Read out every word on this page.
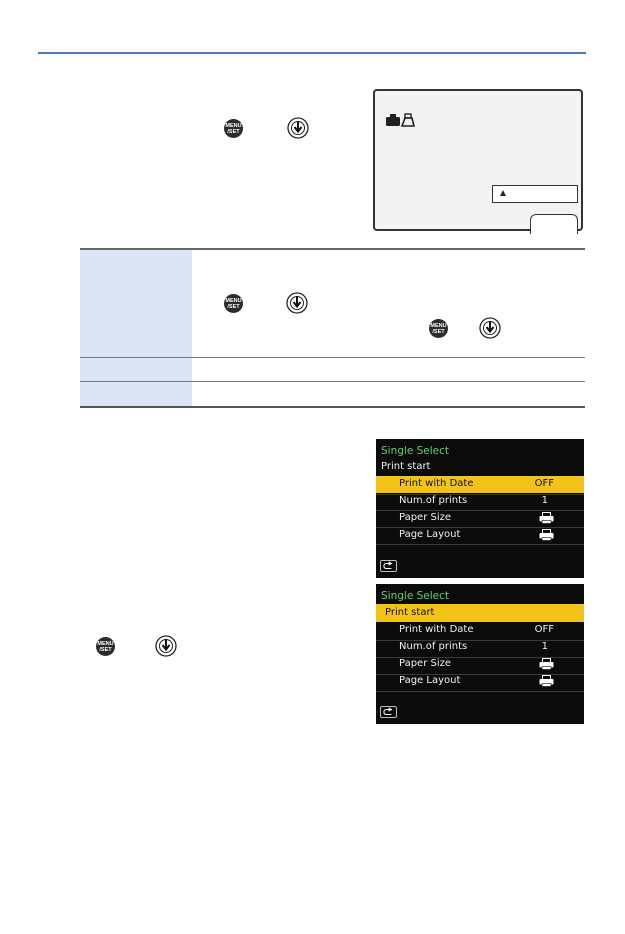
MENU
/SET
MENU
/SET
MENU
/SET
Single Select
Print start
Print with Date	OFF
Num.of prints	1
Paper Size
Page Layout
Single Select
Print start
Print with Date	OFF
Num.of prints	1
Paper Size
Page Layout
MENU
/SET
